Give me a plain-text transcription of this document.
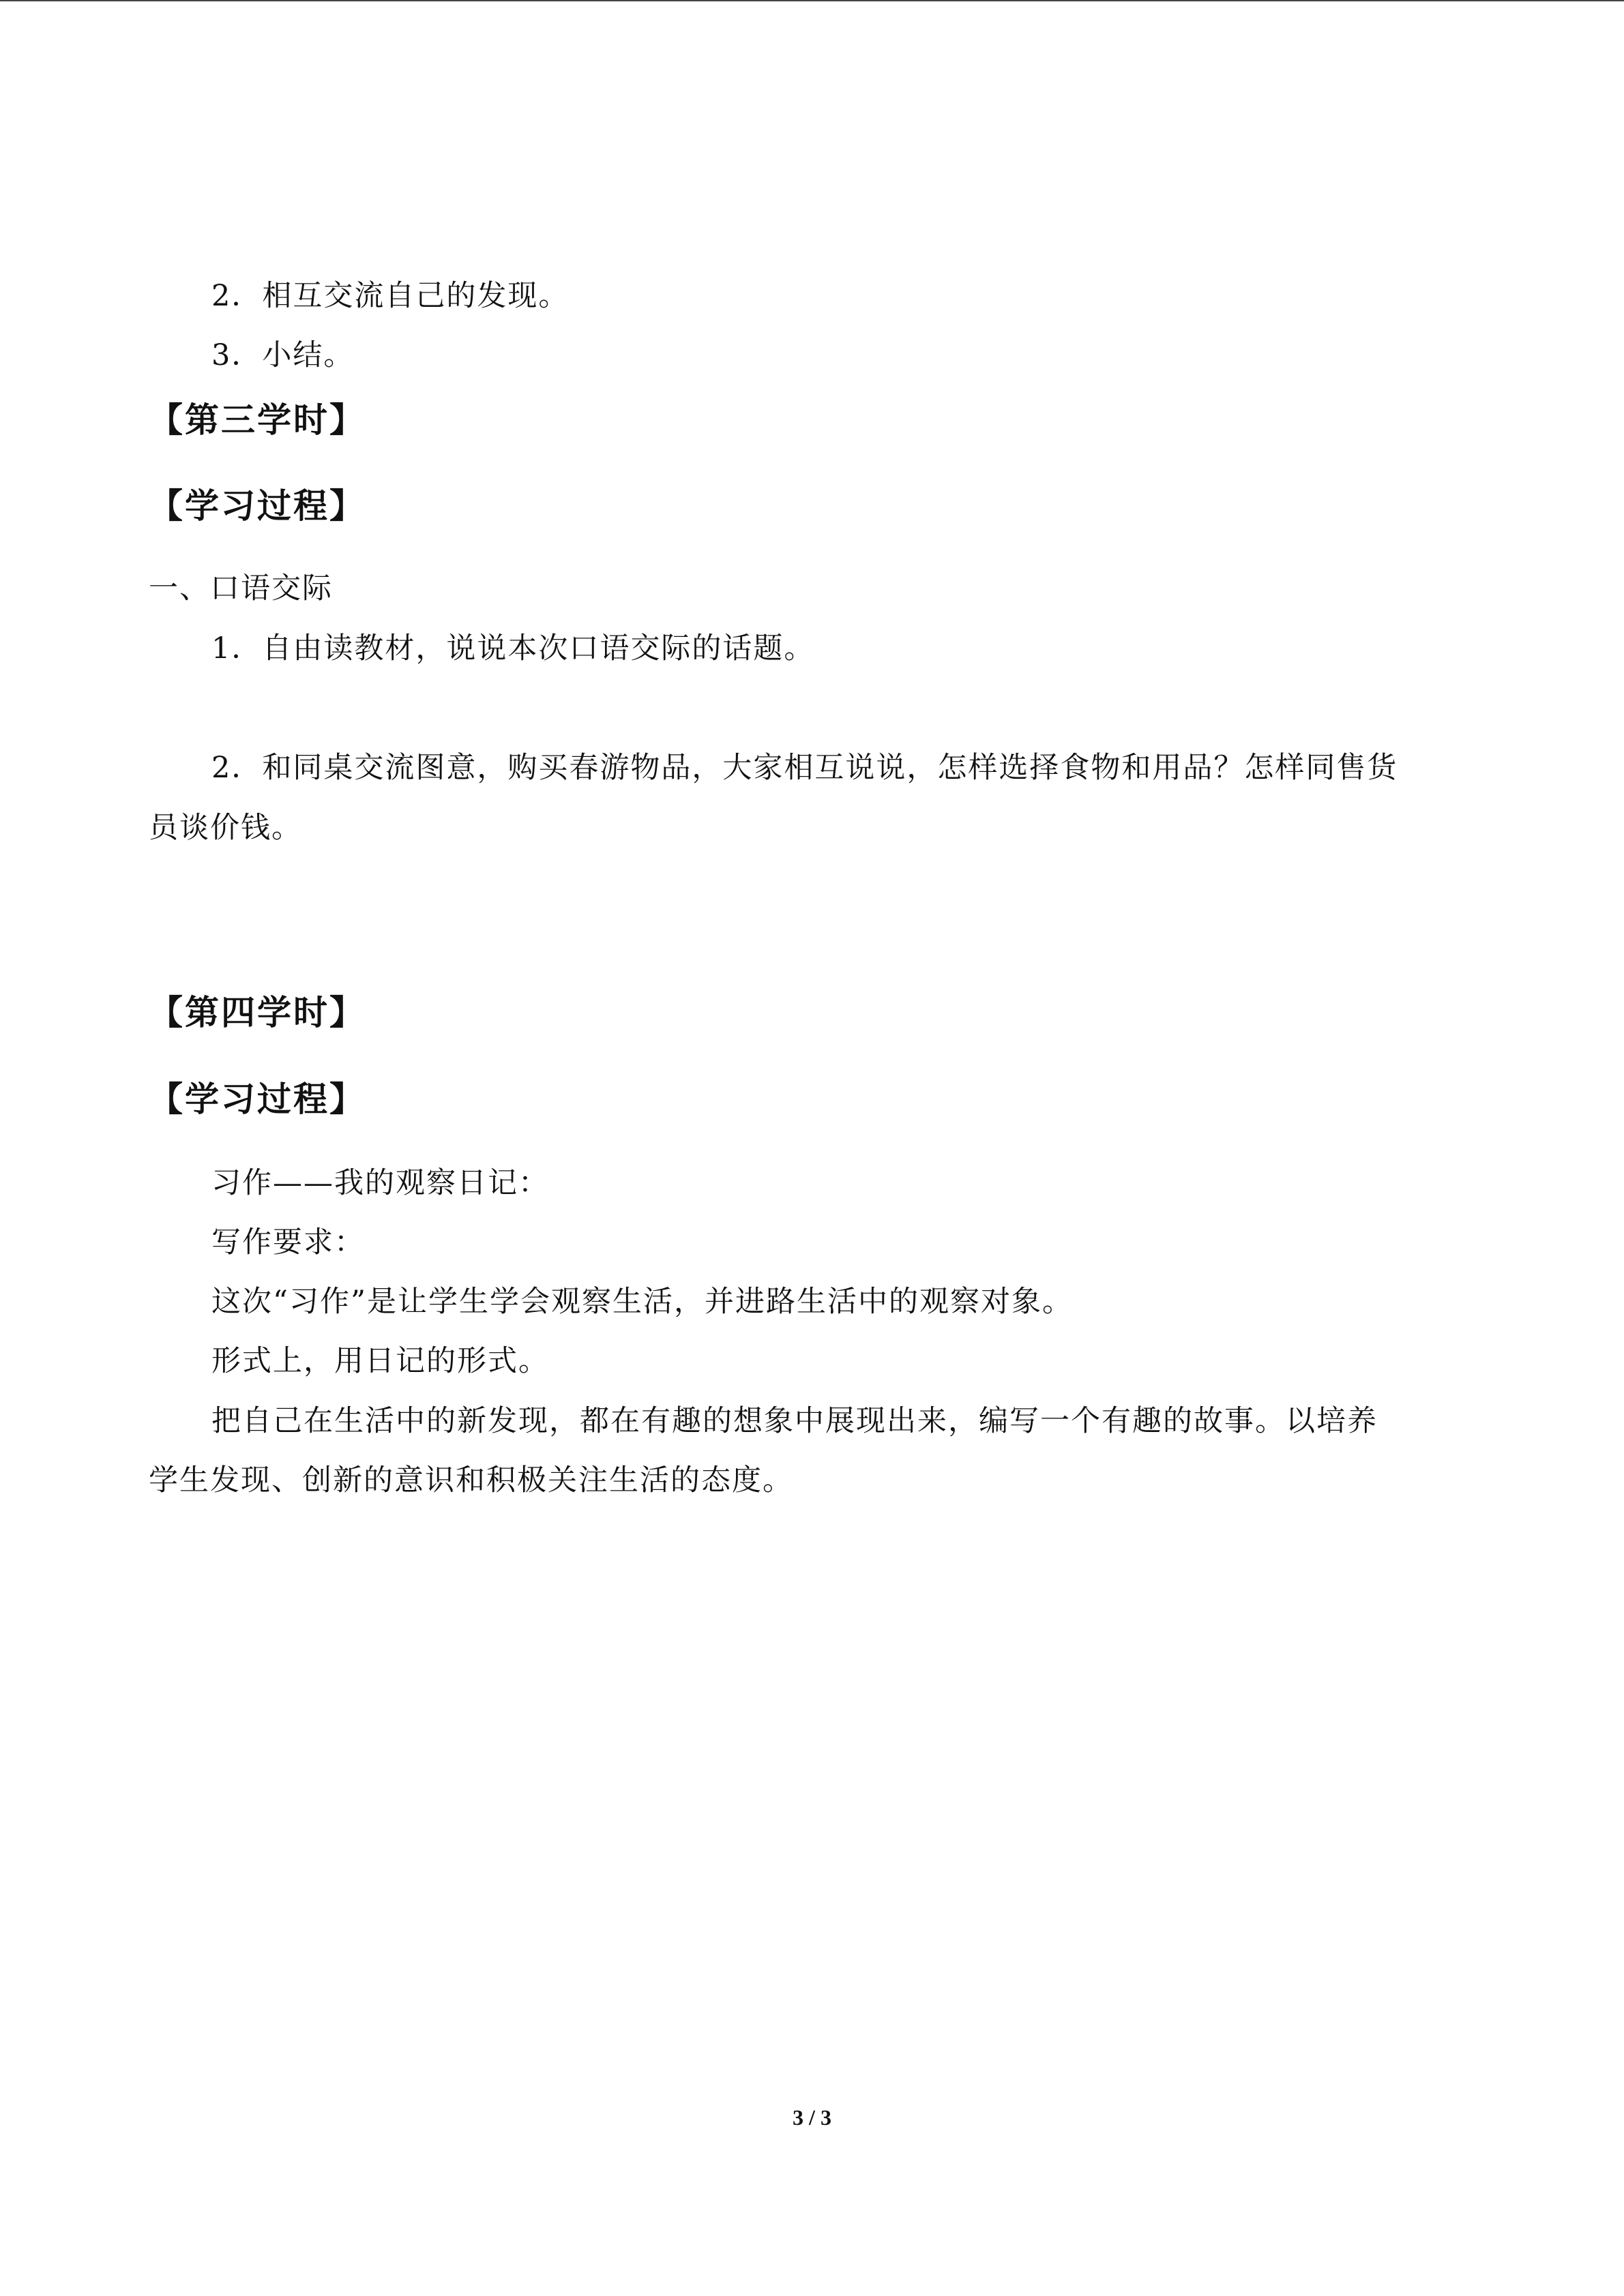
2．相互交流自己的发现。
3．小结。
【第三学时】
【学习过程】
一、口语交际
1．自由读教材，说说本次口语交际的话题。
2．和同桌交流图意，购买春游物品，大家相互说说，怎样选择食物和用品？怎样同售货
员谈价钱。
【第四学时】
【学习过程】
习作——我的观察日记：
写作要求：
这次“习作”是让学生学会观察生活，并进路生活中的观察对象。
形式上，用日记的形式。
把自己在生活中的新发现，都在有趣的想象中展现出来，编写一个有趣的故事。以培养
学生发现、创新的意识和积极关注生活的态度。
3 / 3
